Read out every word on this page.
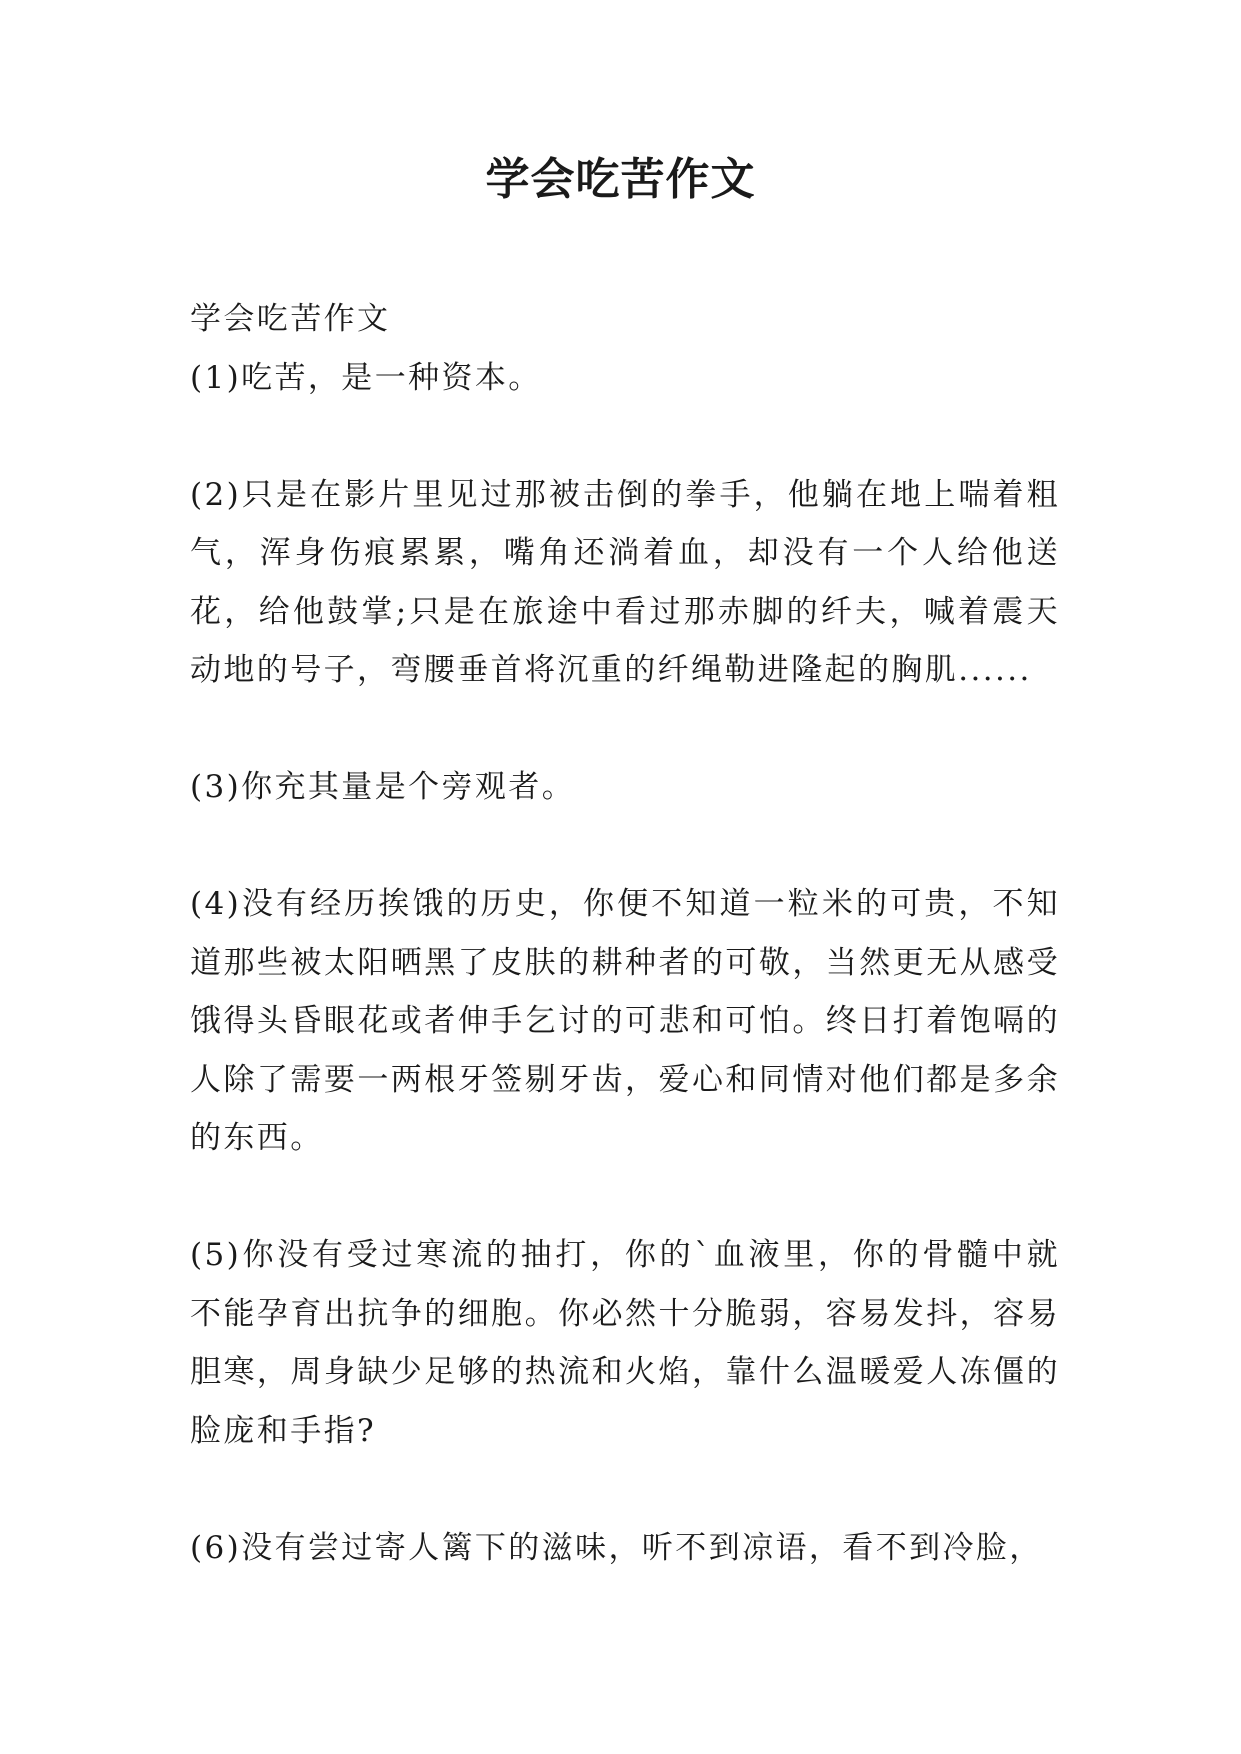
学会吃苦作文

学会吃苦作文

(1)吃苦，是一种资本。

(2)只是在影片里见过那被击倒的拳手，他躺在地上喘着粗气，浑身伤痕累累，嘴角还淌着血，却没有一个人给他送花，给他鼓掌;只是在旅途中看过那赤脚的纤夫，喊着震天动地的号子，弯腰垂首将沉重的纤绳勒进隆起的胸肌......

(3)你充其量是个旁观者。

(4)没有经历挨饿的历史，你便不知道一粒米的可贵，不知道那些被太阳晒黑了皮肤的耕种者的可敬，当然更无从感受饿得头昏眼花或者伸手乞讨的可悲和可怕。终日打着饱嗝的人除了需要一两根牙签剔牙齿，爱心和同情对他们都是多余的东西。

(5)你没有受过寒流的抽打，你的`血液里，你的骨髓中就不能孕育出抗争的细胞。你必然十分脆弱，容易发抖，容易胆寒，周身缺少足够的热流和火焰，靠什么温暖爱人冻僵的脸庞和手指?

(6)没有尝过寄人篱下的滋味，听不到凉语，看不到冷脸，
